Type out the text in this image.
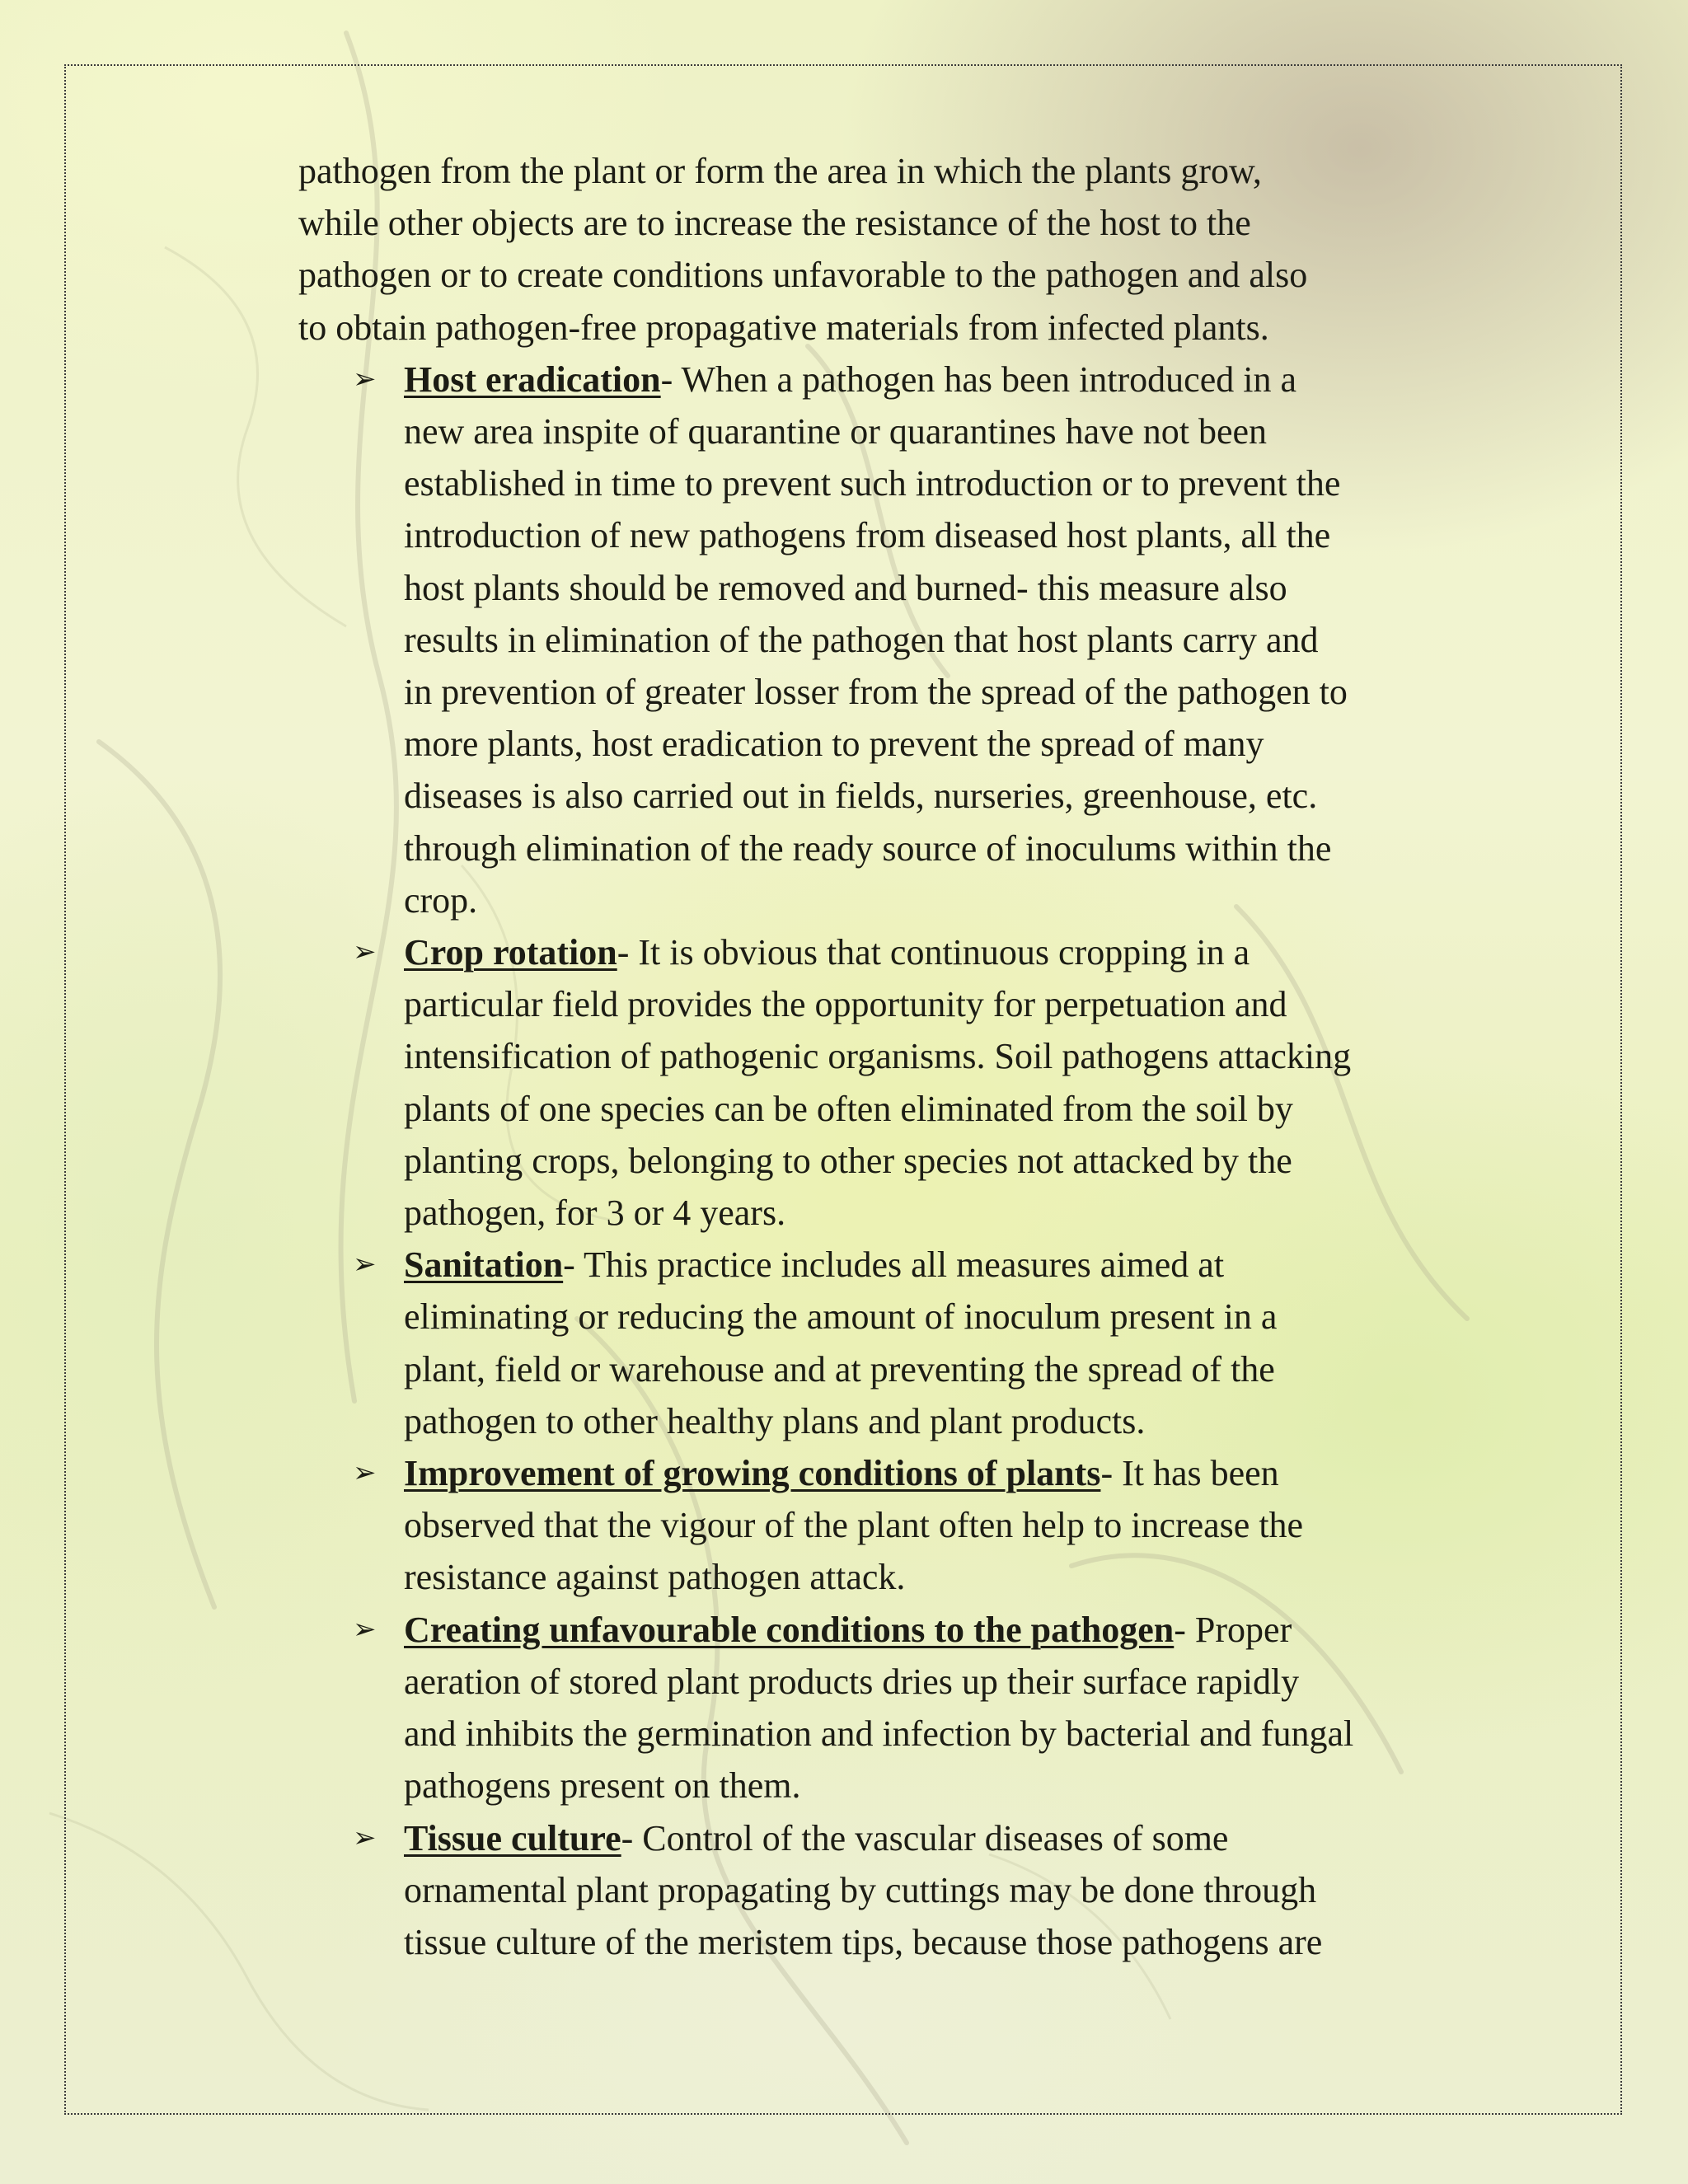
pathogen from the plant or form the area in which the plants grow,
while other objects are to increase the resistance of the host to the
pathogen or to create conditions unfavorable to the pathogen and also
to obtain pathogen-free propagative materials from infected plants.

➢ Host eradication- When a pathogen has been introduced in a
new area inspite of quarantine or quarantines have not been
established in time to prevent such introduction or to prevent the
introduction of new pathogens from diseased host plants, all the
host plants should be removed and burned- this measure also
results in elimination of the pathogen that host plants carry and
in prevention of greater losser from the spread of the pathogen to
more plants, host eradication to prevent the spread of many
diseases is also carried out in fields, nurseries, greenhouse, etc.
through elimination of the ready source of inoculums within the
crop.
➢ Crop rotation- It is obvious that continuous cropping in a
particular field provides the opportunity for perpetuation and
intensification of pathogenic organisms. Soil pathogens attacking
plants of one species can be often eliminated from the soil by
planting crops, belonging to other species not attacked by the
pathogen, for 3 or 4 years.
➢ Sanitation- This practice includes all measures aimed at
eliminating or reducing the amount of inoculum present in a
plant, field or warehouse and at preventing the spread of the
pathogen to other healthy plans and plant products.
➢ Improvement of growing conditions of plants- It has been
observed that the vigour of the plant often help to increase the
resistance against pathogen attack.
➢ Creating unfavourable conditions to the pathogen- Proper
aeration of stored plant products dries up their surface rapidly
and inhibits the germination and infection by bacterial and fungal
pathogens present on them.
➢ Tissue culture- Control of the vascular diseases of some
ornamental plant propagating by cuttings may be done through
tissue culture of the meristem tips, because those pathogens are
